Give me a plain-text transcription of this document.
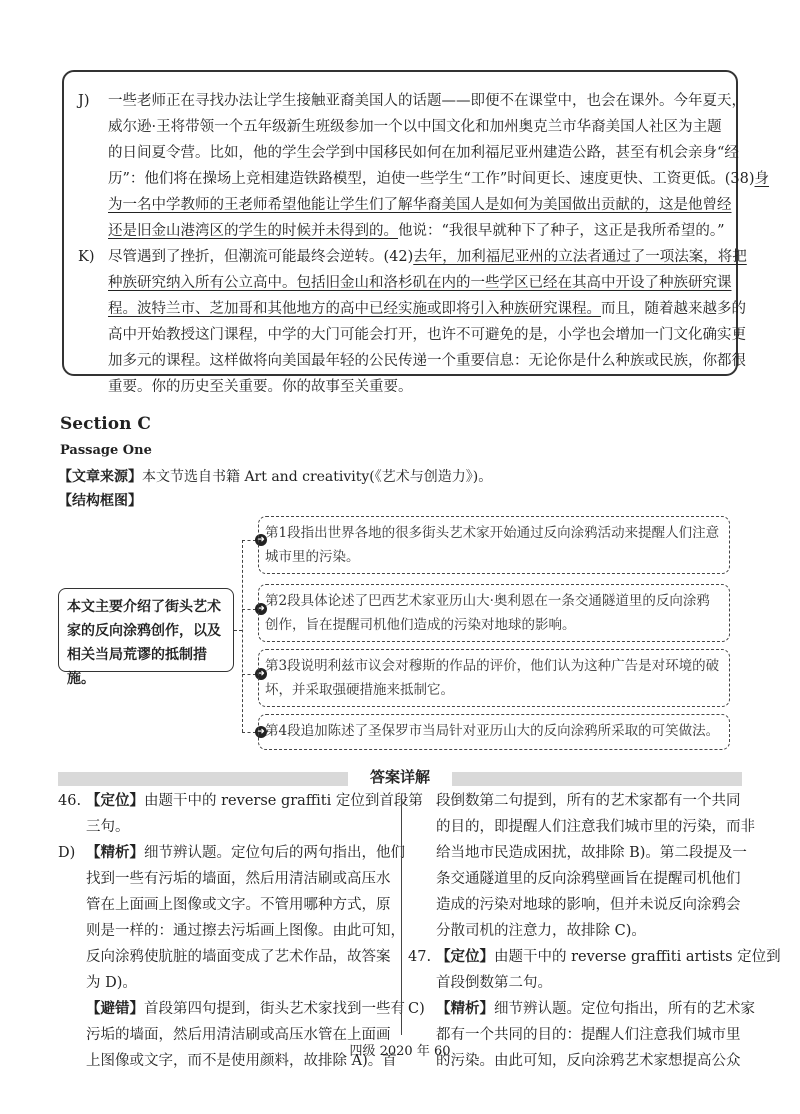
J) 一些老师正在寻找办法让学生接触亚裔美国人的话题——即便不在课堂中，也会在课外。今年夏天，
威尔逊·王将带领一个五年级新生班级参加一个以中国文化和加州奥克兰市华裔美国人社区为主题
的日间夏令营。比如，他的学生会学到中国移民如何在加利福尼亚州建造公路，甚至有机会亲身“经
历”：他们将在操场上竞相建造铁路模型，迫使一些学生“工作”时间更长、速度更快、工资更低。(38)身
为一名中学教师的王老师希望他能让学生们了解华裔美国人是如何为美国做出贡献的，这是他曾经
还是旧金山港湾区的学生的时候并未得到的。他说：“我很早就种下了种子，这正是我所希望的。”
K) 尽管遇到了挫折，但潮流可能最终会逆转。(42)去年，加利福尼亚州的立法者通过了一项法案，将把
种族研究纳入所有公立高中。包括旧金山和洛杉矶在内的一些学区已经在其高中开设了种族研究课
程。波特兰市、芝加哥和其他地方的高中已经实施或即将引入种族研究课程。而且，随着越来越多的
高中开始教授这门课程，中学的大门可能会打开，也许不可避免的是，小学也会增加一门文化确实更
加多元的课程。这样做将向美国最年轻的公民传递一个重要信息：无论你是什么种族或民族，你都很
重要。你的历史至关重要。你的故事至关重要。
Section C
Passage One
【文章来源】本文节选自书籍 Art and creativity(《艺术与创造力》)。
【结构框图】
本文主要介绍了街头艺术家的反向涂鸦创作，以及相关当局荒谬的抵制措施。
➜
➜
➜
➜
第1段指出世界各地的很多街头艺术家开始通过反向涂鸦活动来提醒人们注意城市里的污染。
第2段具体论述了巴西艺术家亚历山大·奥利恩在一条交通隧道里的反向涂鸦创作，旨在提醒司机他们造成的污染对地球的影响。
第3段说明利兹市议会对穆斯的作品的评价，他们认为这种广告是对环境的破坏，并采取强硬措施来抵制它。
第4段追加陈述了圣保罗市当局针对亚历山大的反向涂鸦所采取的可笑做法。
答案详解
46. 【定位】由题干中的 reverse graffiti 定位到首段第
三句。
D) 【精析】细节辨认题。定位句后的两句指出，他们
找到一些有污垢的墙面，然后用清洁刷或高压水
管在上面画上图像或文字。不管用哪种方式，原
则是一样的：通过擦去污垢画上图像。由此可知，
反向涂鸦使肮脏的墙面变成了艺术作品，故答案
为 D)。
【避错】首段第四句提到，街头艺术家找到一些有
污垢的墙面，然后用清洁刷或高压水管在上面画
上图像或文字，而不是使用颜料，故排除 A)。首
段倒数第二句提到，所有的艺术家都有一个共同
的目的，即提醒人们注意我们城市里的污染，而非
给当地市民造成困扰，故排除 B)。第二段提及一
条交通隧道里的反向涂鸦壁画旨在提醒司机他们
造成的污染对地球的影响，但并未说反向涂鸦会
分散司机的注意力，故排除 C)。
47. 【定位】由题干中的 reverse graffiti artists 定位到
首段倒数第二句。
C) 【精析】细节辨认题。定位句指出，所有的艺术家
都有一个共同的目的：提醒人们注意我们城市里
的污染。由此可知，反向涂鸦艺术家想提高公众
四级 2020 年 60
